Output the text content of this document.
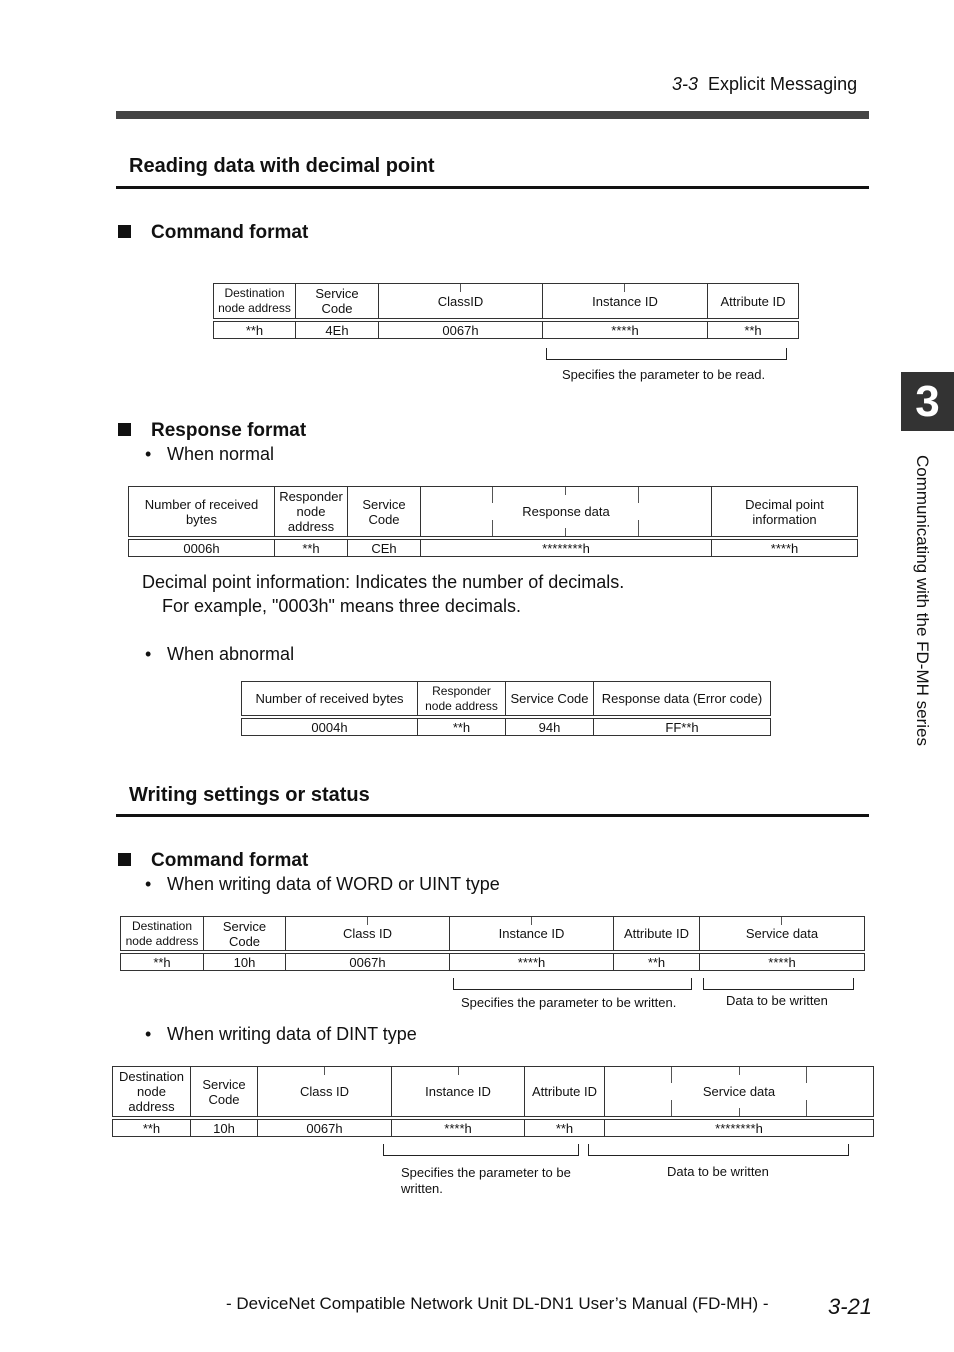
3-3 Explicit Messaging
3
Communicating with the FD-MH series
Reading data with decimal point
Command format
Destination node address	Service Code	ClassID	Instance ID	Attribute ID

**h	4Eh	0067h	****h	**h
Specifies the parameter to be read.
Response format
• When normal
Number of received bytes	Responder node address	Service Code	Response data	Decimal point information

0006h	**h	CEh	********h	****h
Decimal point information: Indicates the number of decimals.
For example, "0003h" means three decimals.
• When abnormal
Number of received bytes	Responder node address	Service Code	Response data (Error code)

0004h	**h	94h	FF**h
Writing settings or status
Command format
• When writing data of WORD or UINT type
Destination node address	Service Code	Class ID	Instance ID	Attribute ID	Service data

**h	10h	0067h	****h	**h	****h
Specifies the parameter to be written.	Data to be written
• When writing data of DINT type
Destination node address	Service Code	Class ID	Instance ID	Attribute ID	Service data

**h	10h	0067h	****h	**h	********h
Specifies the parameter to be written.
Data to be written
- DeviceNet Compatible Network Unit DL-DN1 User’s Manual (FD-MH) -	3-21
